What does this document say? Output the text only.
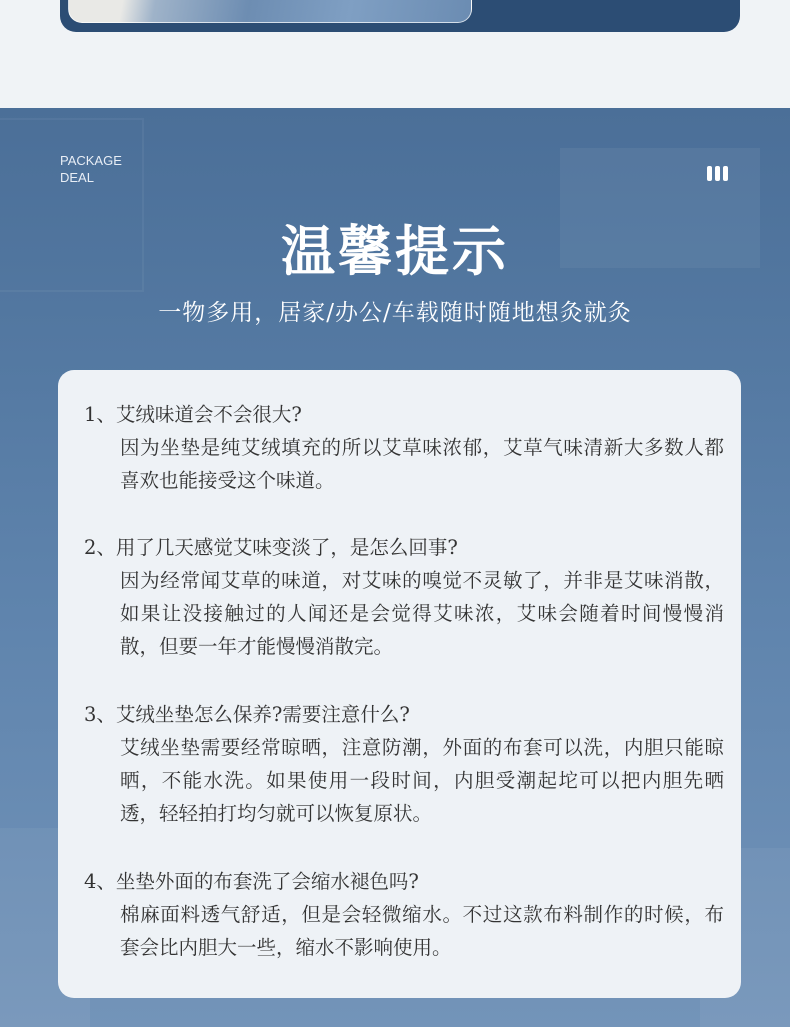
PACKAGE
DEAL
温馨提示
一物多用，居家/办公/车载随时随地想灸就灸
1、艾绒味道会不会很大?
因为坐垫是纯艾绒填充的所以艾草味浓郁，艾草气味清新大多数人都喜欢也能接受这个味道。
2、用了几天感觉艾味变淡了，是怎么回事?
因为经常闻艾草的味道，对艾味的嗅觉不灵敏了，并非是艾味消散，如果让没接触过的人闻还是会觉得艾味浓，艾味会随着时间慢慢消散，但要一年才能慢慢消散完。
3、艾绒坐垫怎么保养?需要注意什么?
艾绒坐垫需要经常晾晒，注意防潮，外面的布套可以洗，内胆只能晾晒，不能水洗。如果使用一段时间，内胆受潮起坨可以把内胆先晒透，轻轻拍打均匀就可以恢复原状。
4、坐垫外面的布套洗了会缩水褪色吗?
棉麻面料透气舒适，但是会轻微缩水。不过这款布料制作的时候，布套会比内胆大一些，缩水不影响使用。
